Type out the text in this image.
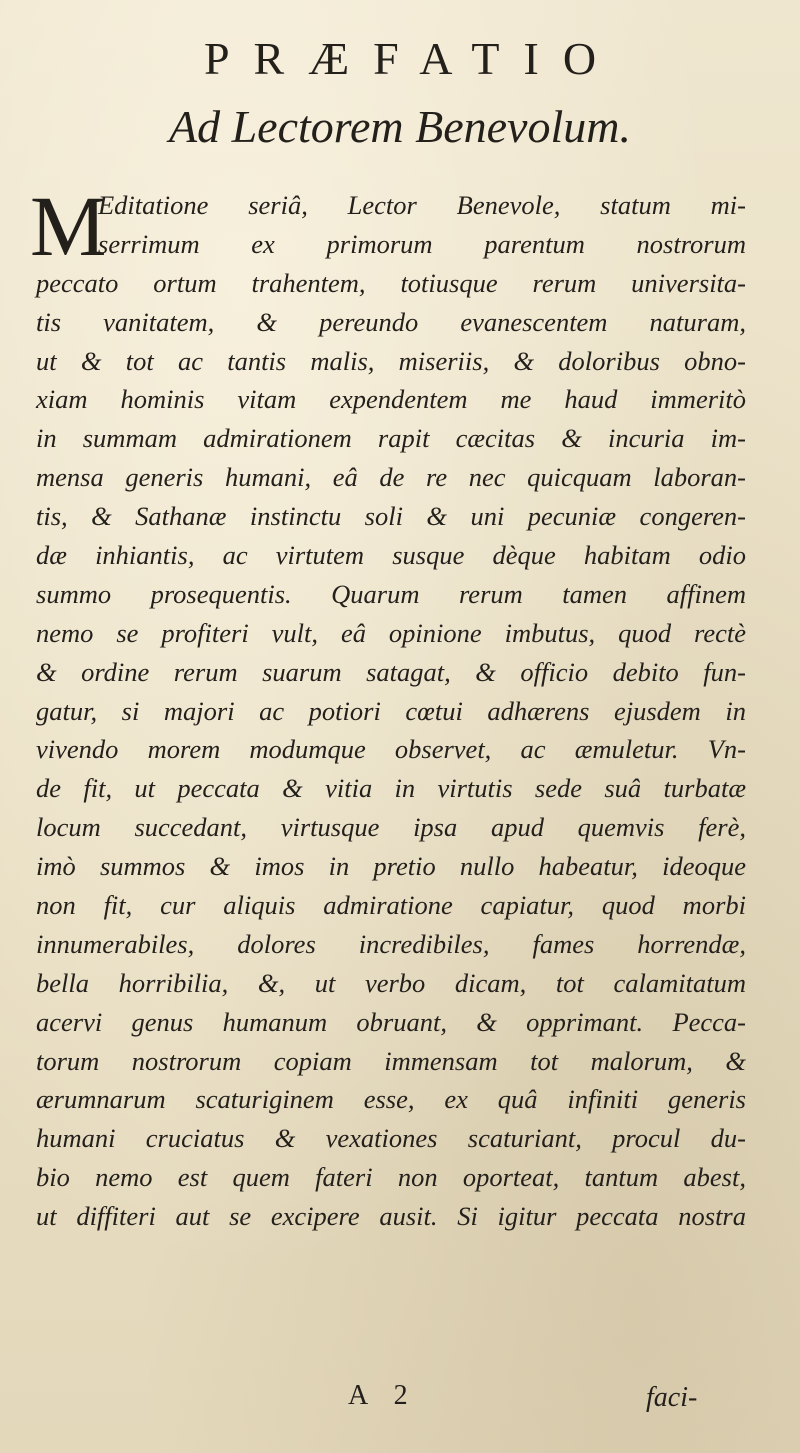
PRÆFATIO
Ad Lectorem Benevolum.
M
Editatione seriâ, Lector Benevole, statum mi-
serrimum ex primorum parentum nostrorum
peccato ortum trahentem, totiusque rerum universita-
tis vanitatem, & pereundo evanescentem naturam,
ut & tot ac tantis malis, miseriis, & doloribus obno-
xiam hominis vitam expendentem me haud immeritò
in summam admirationem rapit cæcitas & incuria im-
mensa generis humani, eâ de re nec quicquam laboran-
tis, & Sathanæ instinctu soli & uni pecuniæ congeren-
dæ inhiantis, ac virtutem susque dèque habitam odio
summo prosequentis. Quarum rerum tamen affinem
nemo se profiteri vult, eâ opinione imbutus, quod rectè
& ordine rerum suarum satagat, & officio debito fun-
gatur, si majori ac potiori cœtui adhærens ejusdem in
vivendo morem modumque observet, ac æmuletur. Vn-
de fit, ut peccata & vitia in virtutis sede suâ turbatæ
locum succedant, virtusque ipsa apud quemvis ferè,
imò summos & imos in pretio nullo habeatur, ideoque
non fit, cur aliquis admiratione capiatur, quod morbi
innumerabiles, dolores incredibiles, fames horrendæ,
bella horribilia, &, ut verbo dicam, tot calamitatum
acervi genus humanum obruant, & opprimant. Pecca-
torum nostrorum copiam immensam tot malorum, &
ærumnarum scaturiginem esse, ex quâ infiniti generis
humani cruciatus & vexationes scaturiant, procul du-
bio nemo est quem fateri non oporteat, tantum abest,
ut diffiteri aut se excipere ausit. Si igitur peccata nostra
A 2	faci-
